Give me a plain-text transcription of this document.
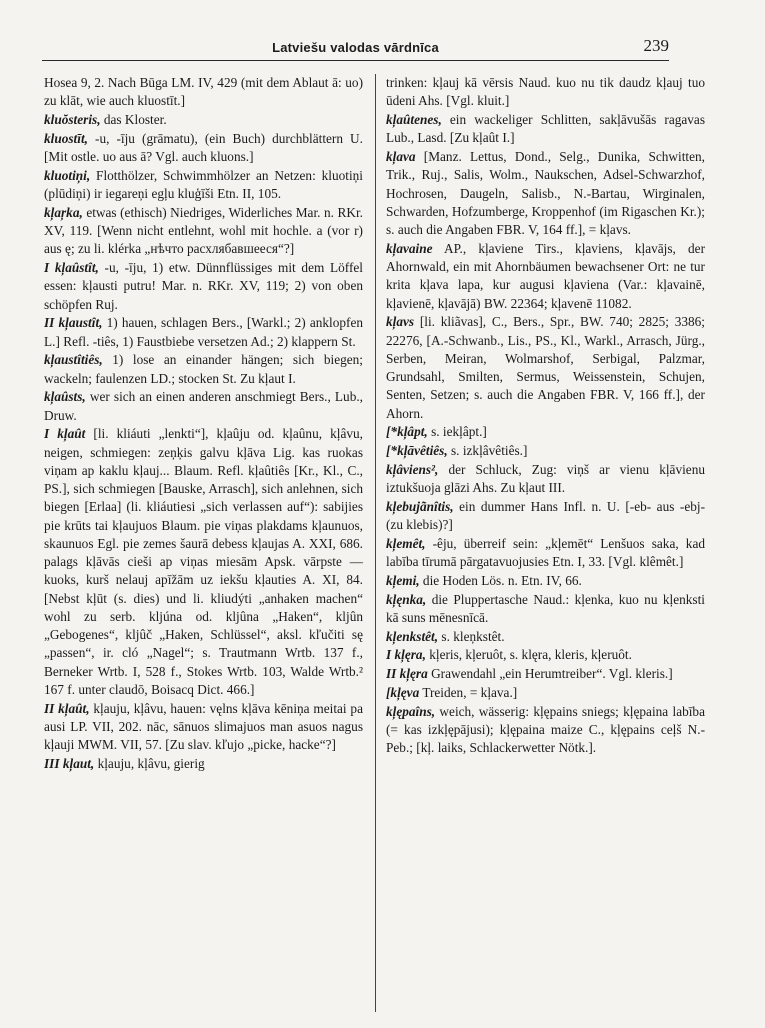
Latviešu valodas vārdnīca	239
Hosea 9, 2. Nach Būga LM. IV, 429 (mit dem Ablaut ā: uo) zu klāt, wie auch kluostīt.]
kluŏsteris, das Kloster.
kluostīt, -u, -īju (grāmatu), (ein Buch) durchblättern U. [Mit ostle. uo aus ā? Vgl. auch kluons.]
kluotiņi, Flotthölzer, Schwimmhölzer an Netzen: kluotiņi (plūdiņi) ir iegareņi egļu kluģīši Etn. II, 105.
kļaŗka, etwas (ethisch) Niedriges, Widerliches Mar. n. RKr. XV, 119. [Wenn nicht entlehnt, wohl mit hochle. a (vor r) aus ę; zu li. klérka „нѣчто расхлябавшееся“?]
I kļaûstît, -u, -īju, 1) etw. Dünnflüssiges mit dem Löffel essen: kļausti putru! Mar. n. RKr. XV, 119; 2) von oben schöpfen Ruj.
II kļaustît, 1) hauen, schlagen Bers., [Warkl.; 2) anklopfen L.] Refl. -tiês, 1) Faustbiebe versetzen Ad.; 2) klappern St.
kļaustîtiês, 1) lose an einander hängen; sich biegen; wackeln; faulenzen LD.; stocken St. Zu kļaut I.
kļaûsts, wer sich an einen anderen anschmiegt Bers., Lub., Druw.
I kļaût [li. kliáuti „lenkti“], kļaûju od. kļaûnu, kļâvu, neigen, schmiegen: zeņķis galvu kļāva Lig. kas ruokas viņam ap kaklu kļauj... Blaum. Refl. kļaûtiês [Kr., Kl., C., PS.], sich schmiegen [Bauske, Arrasch], sich anlehnen, sich biegen [Erlaa] (li. kliáutiesi „sich verlassen auf“): sabijies pie krūts tai kļaujuos Blaum. pie viņas plakdams kļaunuos, skaunuos Egl. pie zemes šaurā debess kļaujas A. XXI, 686. palags kļāvās cieši ap viņas miesām Apsk. vārpste — kuoks, kurš nelauj apīžām uz iekšu kļauties A. XI, 84. [Nebst kļūt (s. dies) und li. kliudýti „anhaken machen“ wohl zu serb. kljúna od. kljûna „Haken“, kljûn „Gebogenes“, kljûč „Haken, Schlüssel“, aksl. kľučiti sę „passen“, ir. cló „Nagel“; s. Trautmann Wrtb. 137 f., Berneker Wrtb. I, 528 f., Stokes Wrtb. 103, Walde Wrtb.² 167 f. unter claudō, Boisacq Dict. 466.]
II kļaût, kļauju, kļâvu, hauen: vęlns kļāva kēniņa meitai pa ausi LP. VII, 202. nāc, sānuos slimajuos man asuos nagus kļauji MWM. VII, 57. [Zu slav. kľujo „picke, hacke“?]
III kļaut, kļauju, kļâvu, gierig
trinken: kļauj kā vērsis Naud. kuo nu tik daudz kļauj tuo ūdeni Ahs. [Vgl. kluit.]
kļaûtenes, ein wackeliger Schlitten, sakļāvušās ragavas Lub., Lasd. [Zu kļaût I.]
kļava [Manz. Lettus, Dond., Selg., Dunika, Schwitten, Trik., Ruj., Salis, Wolm., Naukschen, Adsel-Schwarzhof, Hochrosen, Daugeln, Salisb., N.-Bartau, Wirginalen, Schwarden, Hofzumberge, Kroppenhof (im Rigaschen Kr.); s. auch die Angaben FBR. V, 164 ff.], = kļavs.
kļavaine AP., kļaviene Tirs., kļaviens, kļavājs, der Ahornwald, ein mit Ahornbäumen bewachsener Ort: ne tur krita kļava lapa, kur augusi kļaviena (Var.: kļavainē, kļavienē, kļavājā) BW. 22364; kļavenē 11082.
kļavs [li. kliãvas], C., Bers., Spr., BW. 740; 2825; 3386; 22276, [A.-Schwanb., Lis., PS., Kl., Warkl., Arrasch, Jürg., Serben, Meiran, Wolmarshof, Serbigal, Palzmar, Grundsahl, Smilten, Sermus, Weissenstein, Schujen, Senten, Setzen; s. auch die Angaben FBR. V, 166 ff.], der Ahorn.
[*kļâpt, s. iekļâpt.]
[*kļāvêtiês, s. izkļâvêtiês.]
kļâviens², der Schluck, Zug: viņš ar vienu kļāvienu iztukšuoja glāzi Ahs. Zu kļaut III.
kļebujãnîtis, ein dummer Hans Infl. n. U. [-eb- aus -ebj- (zu klebis)?]
kļemêt, -êju, überreif sein: „kļemēt“ Lenšuos saka, kad labība tīrumā pārgatavuojusies Etn. I, 33. [Vgl. klêmêt.]
kļemi, die Hoden Lös. n. Etn. IV, 66.
kļęnka, die Pluppertasche Naud.: kļenka, kuo nu kļenksti kā suns mēnesnīcā.
kļenkstêt, s. kleņkstêt.
I kļęra, kļeris, kļeruôt, s. klęra, kleris, kļeruôt.
II kļęra Grawendahl „ein Herumtreiber“. Vgl. kleris.]
[kļęva Treiden, = kļava.]
kļępaîns, weich, wässerig: kļępains sniegs; kļępaina labība (= kas izkļępājusi); kļępaina maize C., kļępains ceļš N.-Peb.; [kļ. laiks, Schlackerwetter Nötk.].
